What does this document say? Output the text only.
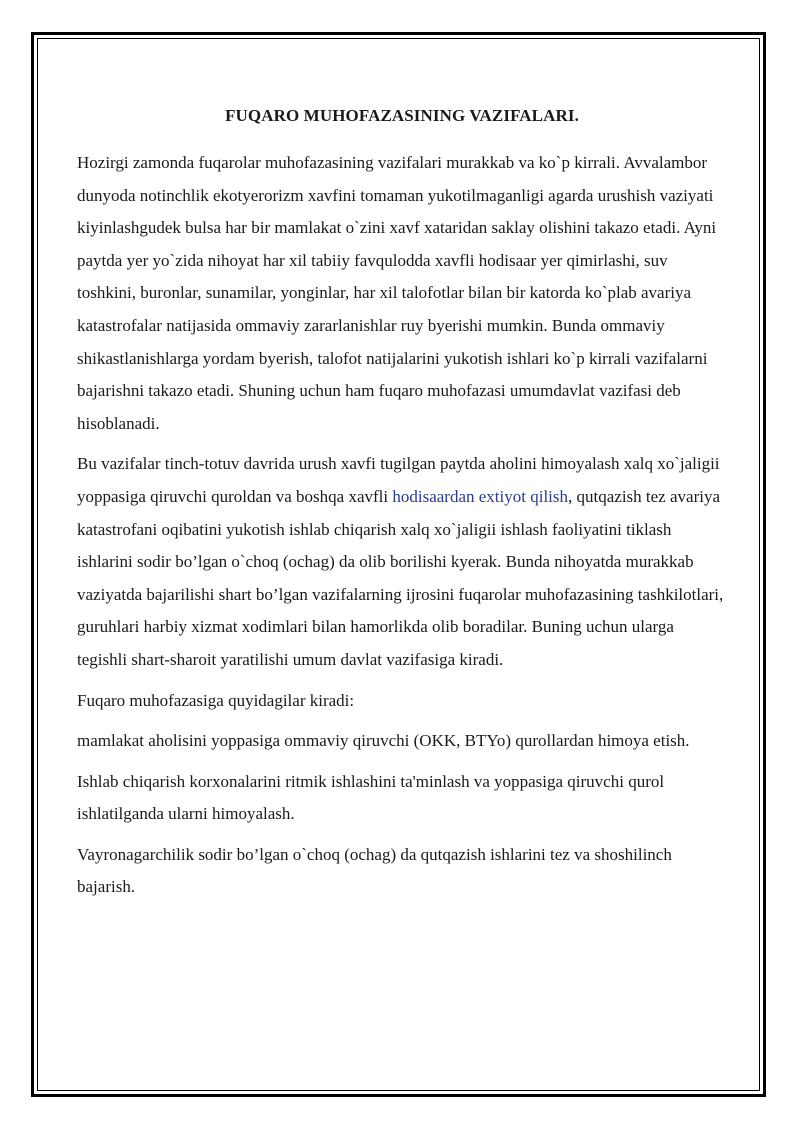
FUQARO MUHOFAZASINING VAZIFALARI.

Hozirgi zamonda fuqarolar muhofazasining vazifalari murakkab va ko`p kirrali. Avvalambor dunyoda notinchlik ekotyerorizm xavfini tomaman yukotilmaganligi agarda urushish vaziyati kiyinlashgudek bulsa har bir mamlakat o`zini xavf xataridan saklay olishini takazo etadi. Ayni paytda yer yo`zida nihoyat har xil tabiiy favqulodda xavfli hodisaar yer qimirlashi, suv toshkini, buronlar, sunamilar, yonginlar, har xil talofotlar bilan bir katorda ko`plab avariya katastrofalar natijasida ommaviy zararlanishlar ruy byerishi mumkin. Bunda ommaviy shikastlanishlarga yordam byerish, talofot natijalarini yukotish ishlari ko`p kirrali vazifalarni bajarishni takazo etadi. Shuning uchun ham fuqaro muhofazasi umumdavlat vazifasi deb hisoblanadi.

Bu vazifalar tinch-totuv davrida urush xavfi tugilgan paytda aholini himoyalash xalq xo`jaligii yoppasiga qiruvchi quroldan va boshqa xavfli hodisaardan extiyot qilish, qutqazish tez avariya katastrofani oqibatini yukotish ishlab chiqarish xalq xo`jaligii ishlash faoliyatini tiklash ishlarini sodir bo’lgan o`choq (ochag) da olib borilishi kyerak. Bunda nihoyatda murakkab vaziyatda bajarilishi shart bo’lgan vazifalarning ijrosini fuqarolar muhofazasining tashkilotlari, guruhlari harbiy xizmat xodimlari bilan hamorlikda olib boradilar. Buning uchun ularga tegishli shart-sharoit yaratilishi umum davlat vazifasiga kiradi.

Fuqaro muhofazasiga quyidagilar kiradi:

mamlakat aholisini yoppasiga ommaviy qiruvchi (OKK, BTYo) qurollardan himoya etish.

Ishlab chiqarish korxonalarini ritmik ishlashini ta'minlash va yoppasiga qiruvchi qurol ishlatilganda ularni himoyalash.

Vayronagarchilik sodir bo’lgan o`choq (ochag) da qutqazish ishlarini tez va shoshilinch bajarish.
